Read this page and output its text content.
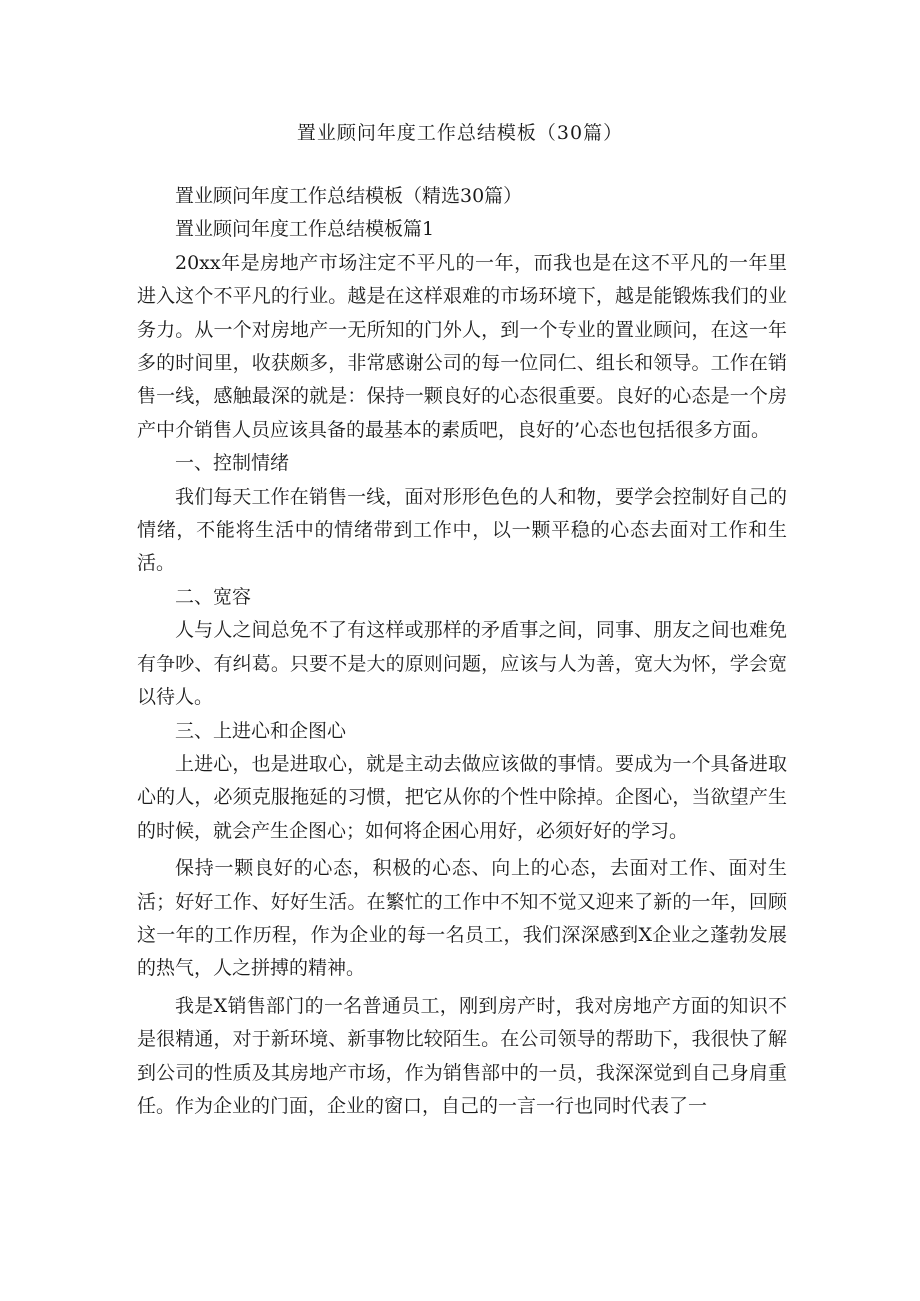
置业顾问年度工作总结模板（30篇）

置业顾问年度工作总结模板（精选30篇）

置业顾问年度工作总结模板篇1

20xx年是房地产市场注定不平凡的一年，而我也是在这不平凡的一年里进入这个不平凡的行业。越是在这样艰难的市场环境下，越是能锻炼我们的业务力。从一个对房地产一无所知的门外人，到一个专业的置业顾问，在这一年多的时间里，收获颇多，非常感谢公司的每一位同仁、组长和领导。工作在销售一线，感触最深的就是：保持一颗良好的心态很重要。良好的心态是一个房产中介销售人员应该具备的最基本的素质吧，良好的’心态也包括很多方面。

一、控制情绪

我们每天工作在销售一线，面对形形色色的人和物，要学会控制好自己的情绪，不能将生活中的情绪带到工作中，以一颗平稳的心态去面对工作和生活。

二、宽容

人与人之间总免不了有这样或那样的矛盾事之间，同事、朋友之间也难免有争吵、有纠葛。只要不是大的原则问题，应该与人为善，宽大为怀，学会宽以待人。

三、上进心和企图心

上进心，也是进取心，就是主动去做应该做的事情。要成为一个具备进取心的人，必须克服拖延的习惯，把它从你的个性中除掉。企图心，当欲望产生的时候，就会产生企图心；如何将企困心用好，必须好好的学习。

保持一颗良好的心态，积极的心态、向上的心态，去面对工作、面对生活；好好工作、好好生活。在繁忙的工作中不知不觉又迎来了新的一年，回顾这一年的工作历程，作为企业的每一名员工，我们深深感到X企业之蓬勃发展的热气，人之拼搏的精神。

我是X销售部门的一名普通员工，刚到房产时，我对房地产方面的知识不是很精通，对于新环境、新事物比较陌生。在公司领导的帮助下，我很快了解到公司的性质及其房地产市场，作为销售部中的一员，我深深觉到自己身肩重任。作为企业的门面，企业的窗口，自己的一言一行也同时代表了一
